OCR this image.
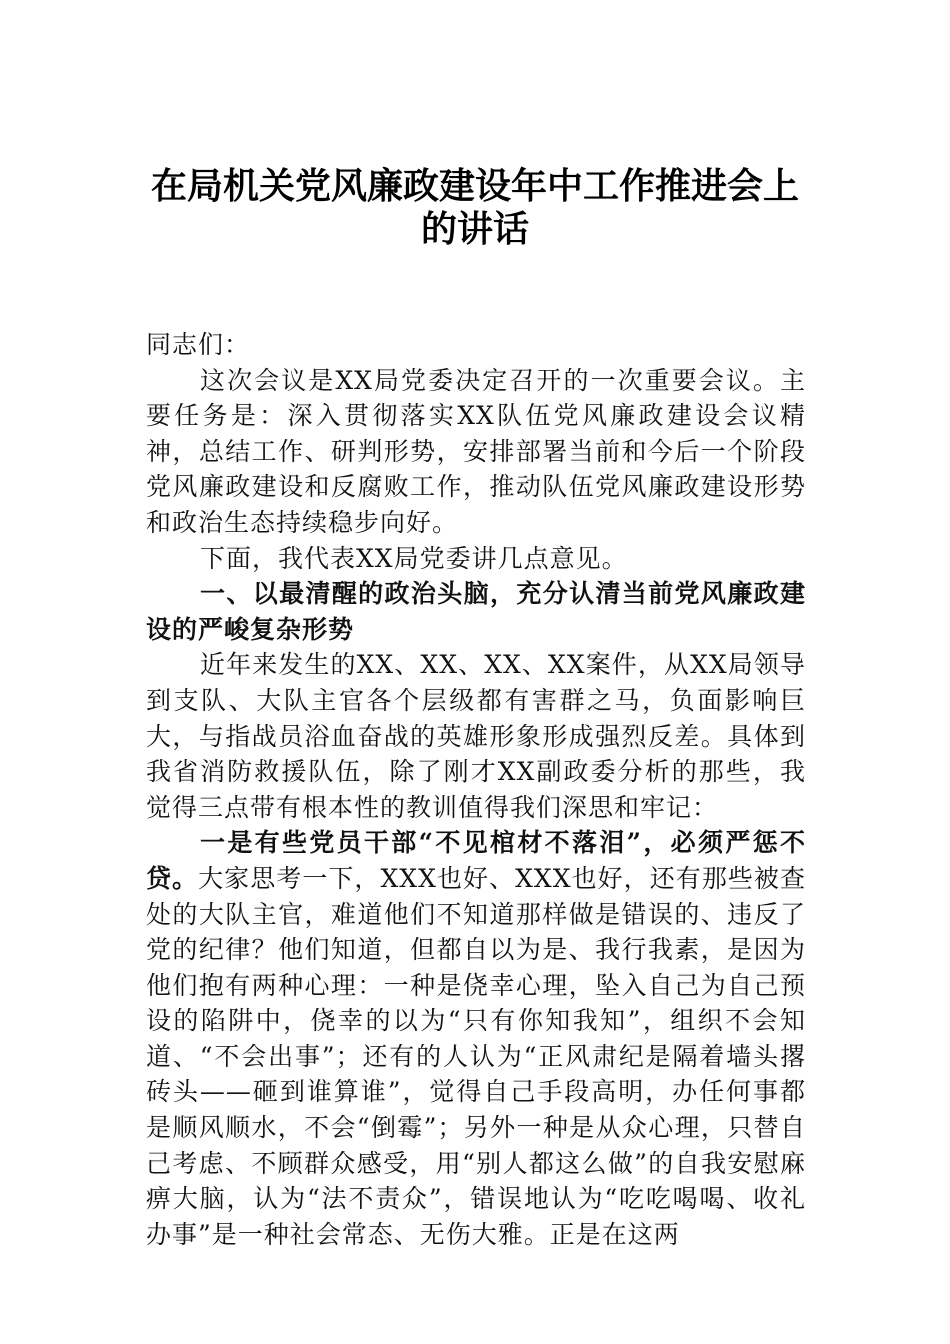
在局机关党风廉政建设年中工作推进会上
的讲话

同志们：

这次会议是XX局党委决定召开的一次重要会议。主要任务是：深入贯彻落实XX队伍党风廉政建设会议精神，总结工作、研判形势，安排部署当前和今后一个阶段党风廉政建设和反腐败工作，推动队伍党风廉政建设形势和政治生态持续稳步向好。

下面，我代表XX局党委讲几点意见。

一、以最清醒的政治头脑，充分认清当前党风廉政建设的严峻复杂形势

近年来发生的XX、XX、XX、XX案件，从XX局领导到支队、大队主官各个层级都有害群之马，负面影响巨大，与指战员浴血奋战的英雄形象形成强烈反差。具体到我省消防救援队伍，除了刚才XX副政委分析的那些，我觉得三点带有根本性的教训值得我们深思和牢记：

一是有些党员干部“不见棺材不落泪”，必须严惩不贷。大家思考一下，XXX也好、XXX也好，还有那些被查处的大队主官，难道他们不知道那样做是错误的、违反了党的纪律？他们知道，但都自以为是、我行我素，是因为他们抱有两种心理：一种是侥幸心理，坠入自己为自己预设的陷阱中，侥幸的以为“只有你知我知”，组织不会知道、“不会出事”；还有的人认为“正风肃纪是隔着墙头撂砖头——砸到谁算谁”，觉得自己手段高明，办任何事都是顺风顺水，不会“倒霉”；另外一种是从众心理，只替自己考虑、不顾群众感受，用“别人都这么做”的自我安慰麻痹大脑，认为“法不责众”，错误地认为“吃吃喝喝、收礼办事”是一种社会常态、无伤大雅。正是在这两
